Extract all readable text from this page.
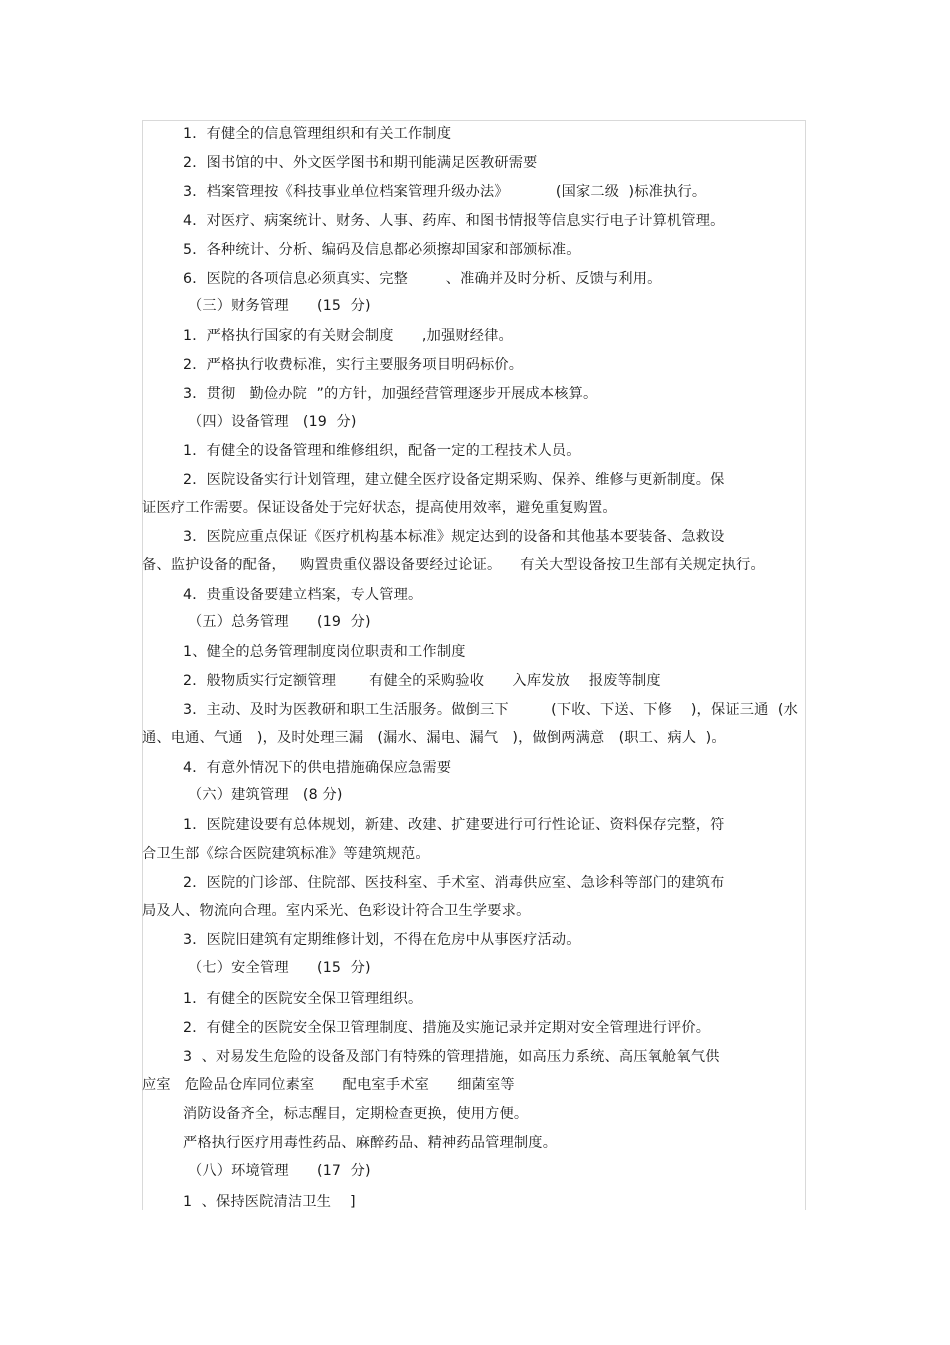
1．有健全的信息管理组织和有关工作制度
2．图书馆的中、外文医学图书和期刊能满足医教研需要
3．档案管理按《科技事业单位档案管理升级办法》          (国家二级  )标准执行。
4．对医疗、病案统计、财务、人事、药库、和图书情报等信息实行电子计算机管理。
5．各种统计、分析、编码及信息都必须擦却国家和部颁标准。
6．医院的各项信息必须真实、完整        、准确并及时分析、反馈与利用。
（三）财务管理      (15  分)
1．严格执行国家的有关财会制度      ,加强财经律。
2．严格执行收费标准，实行主要服务项目明码标价。
3．贯彻   勤俭办院  ”的方针，加强经营管理逐步开展成本核算。
（四）设备管理   (19  分)
1．有健全的设备管理和维修组织，配备一定的工程技术人员。
2．医院设备实行计划管理，建立健全医疗设备定期采购、保养、维修与更新制度。保
证医疗工作需要。保证设备处于完好状态，提高使用效率，避免重复购置。
3．医院应重点保证《医疗机构基本标准》规定达到的设备和其他基本要装备、急救设
备、监护设备的配备，   购置贵重仪器设备要经过论证。    有关大型设备按卫生部有关规定执行。
4．贵重设备要建立档案，专人管理。
（五）总务管理      (19  分)
1、健全的总务管理制度岗位职责和工作制度
2．般物质实行定额管理       有健全的采购验收      入库发放    报废等制度
3．主动、及时为医教研和职工生活服务。做倒三下         (下收、下送、下修    )，保证三通  (水
通、电通、气通   )，及时处理三漏   (漏水、漏电、漏气   )，做倒两满意   (职工、病人  )。
4．有意外情况下的供电措施确保应急需要
（六）建筑管理   (8 分)
1．医院建设要有总体规划，新建、改建、扩建要进行可行性论证、资料保存完整，符
合卫生部《综合医院建筑标准》等建筑规范。
2．医院的门诊部、住院部、医技科室、手术室、消毒供应室、急诊科等部门的建筑布
局及人、物流向合理。室内采光、色彩设计符合卫生学要求。
3．医院旧建筑有定期维修计划，不得在危房中从事医疗活动。
（七）安全管理      (15  分)
1．有健全的医院安全保卫管理组织。
2．有健全的医院安全保卫管理制度、措施及实施记录并定期对安全管理进行评价。
3  、对易发生危险的设备及部门有特殊的管理措施，如高压力系统、高压氧舱氧气供
应室   危险品仓库同位素室      配电室手术室      细菌室等
消防设备齐全，标志醒目，定期检查更换，使用方便。
严格执行医疗用毒性药品、麻醉药品、精神药品管理制度。
（八）环境管理      (17  分)
1  、保持医院清洁卫生    ]
